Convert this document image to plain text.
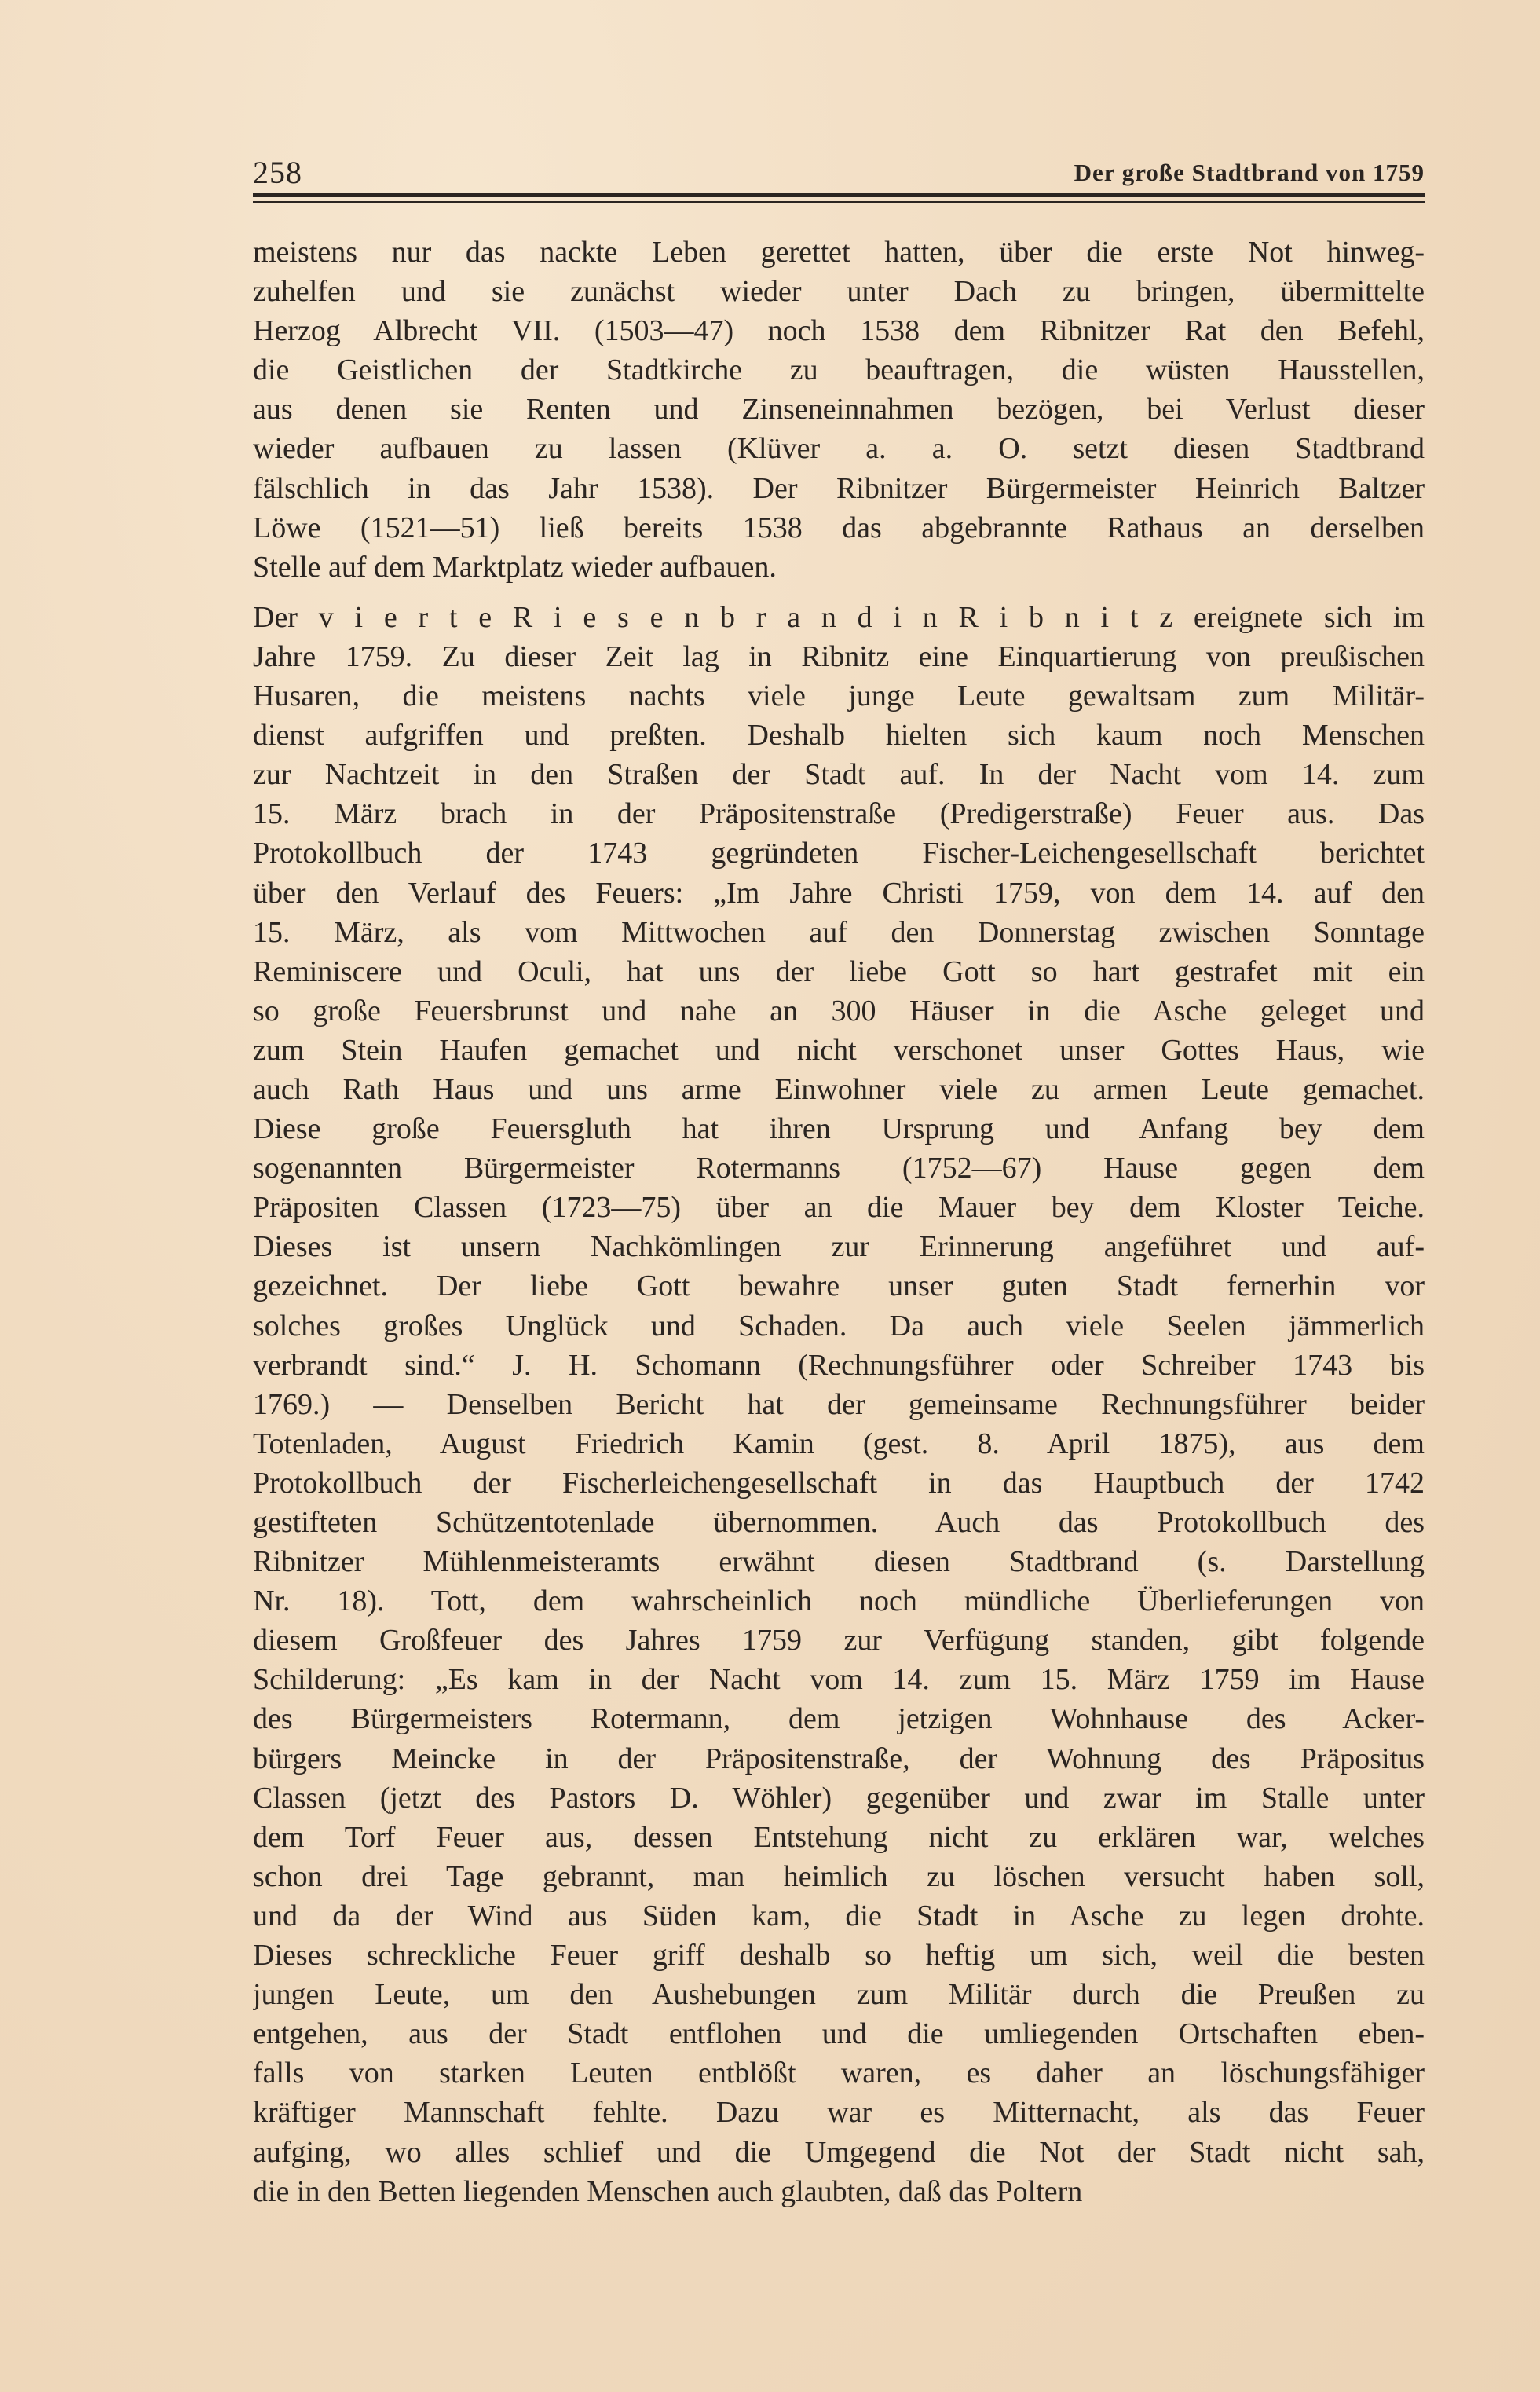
258	Der große Stadtbrand von 1759
meistens nur das nackte Leben gerettet hatten, über die erste Not hinweg-
zuhelfen und sie zunächst wieder unter Dach zu bringen, übermittelte
Herzog Albrecht VII. (1503—47) noch 1538 dem Ribnitzer Rat den Befehl,
die Geistlichen der Stadtkirche zu beauftragen, die wüsten Hausstellen,
aus denen sie Renten und Zinseneinnahmen bezögen, bei Verlust dieser
wieder aufbauen zu lassen (Klüver a. a. O. setzt diesen Stadtbrand
fälschlich in das Jahr 1538). Der Ribnitzer Bürgermeister Heinrich Baltzer
Löwe (1521—51) ließ bereits 1538 das abgebrannte Rathaus an derselben
Stelle auf dem Marktplatz wieder aufbauen.
Der v i e r t e R i e s e n b r a n d i n R i b n i t z ereignete sich im
Jahre 1759. Zu dieser Zeit lag in Ribnitz eine Einquartierung von preußischen
Husaren, die meistens nachts viele junge Leute gewaltsam zum Militär-
dienst aufgriffen und preßten. Deshalb hielten sich kaum noch Menschen
zur Nachtzeit in den Straßen der Stadt auf. In der Nacht vom 14. zum
15. März brach in der Präpositenstraße (Predigerstraße) Feuer aus. Das
Protokollbuch der 1743 gegründeten Fischer-Leichengesellschaft berichtet
über den Verlauf des Feuers: „Im Jahre Christi 1759, von dem 14. auf den
15. März, als vom Mittwochen auf den Donnerstag zwischen Sonntage
Reminiscere und Oculi, hat uns der liebe Gott so hart gestrafet mit ein
so große Feuersbrunst und nahe an 300 Häuser in die Asche geleget und
zum Stein Haufen gemachet und nicht verschonet unser Gottes Haus, wie
auch Rath Haus und uns arme Einwohner viele zu armen Leute gemachet.
Diese große Feuersgluth hat ihren Ursprung und Anfang bey dem
sogenannten Bürgermeister Rotermanns (1752—67) Hause gegen dem
Präpositen Classen (1723—75) über an die Mauer bey dem Kloster Teiche.
Dieses ist unsern Nachkömlingen zur Erinnerung angeführet und auf-
gezeichnet. Der liebe Gott bewahre unser guten Stadt fernerhin vor
solches großes Unglück und Schaden. Da auch viele Seelen jämmerlich
verbrandt sind.“ J. H. Schomann (Rechnungsführer oder Schreiber 1743 bis
1769.) — Denselben Bericht hat der gemeinsame Rechnungsführer beider
Totenladen, August Friedrich Kamin (gest. 8. April 1875), aus dem
Protokollbuch der Fischerleichengesellschaft in das Hauptbuch der 1742
gestifteten Schützentotenlade übernommen. Auch das Protokollbuch des
Ribnitzer Mühlenmeisteramts erwähnt diesen Stadtbrand (s. Darstellung
Nr. 18). Tott, dem wahrscheinlich noch mündliche Überlieferungen von
diesem Großfeuer des Jahres 1759 zur Verfügung standen, gibt folgende
Schilderung: „Es kam in der Nacht vom 14. zum 15. März 1759 im Hause
des Bürgermeisters Rotermann, dem jetzigen Wohnhause des Acker-
bürgers Meincke in der Präpositenstraße, der Wohnung des Präpositus
Classen (jetzt des Pastors D. Wöhler) gegenüber und zwar im Stalle unter
dem Torf Feuer aus, dessen Entstehung nicht zu erklären war, welches
schon drei Tage gebrannt, man heimlich zu löschen versucht haben soll,
und da der Wind aus Süden kam, die Stadt in Asche zu legen drohte.
Dieses schreckliche Feuer griff deshalb so heftig um sich, weil die besten
jungen Leute, um den Aushebungen zum Militär durch die Preußen zu
entgehen, aus der Stadt entflohen und die umliegenden Ortschaften eben-
falls von starken Leuten entblößt waren, es daher an löschungsfähiger
kräftiger Mannschaft fehlte. Dazu war es Mitternacht, als das Feuer
aufging, wo alles schlief und die Umgegend die Not der Stadt nicht sah,
die in den Betten liegenden Menschen auch glaubten, daß das Poltern
